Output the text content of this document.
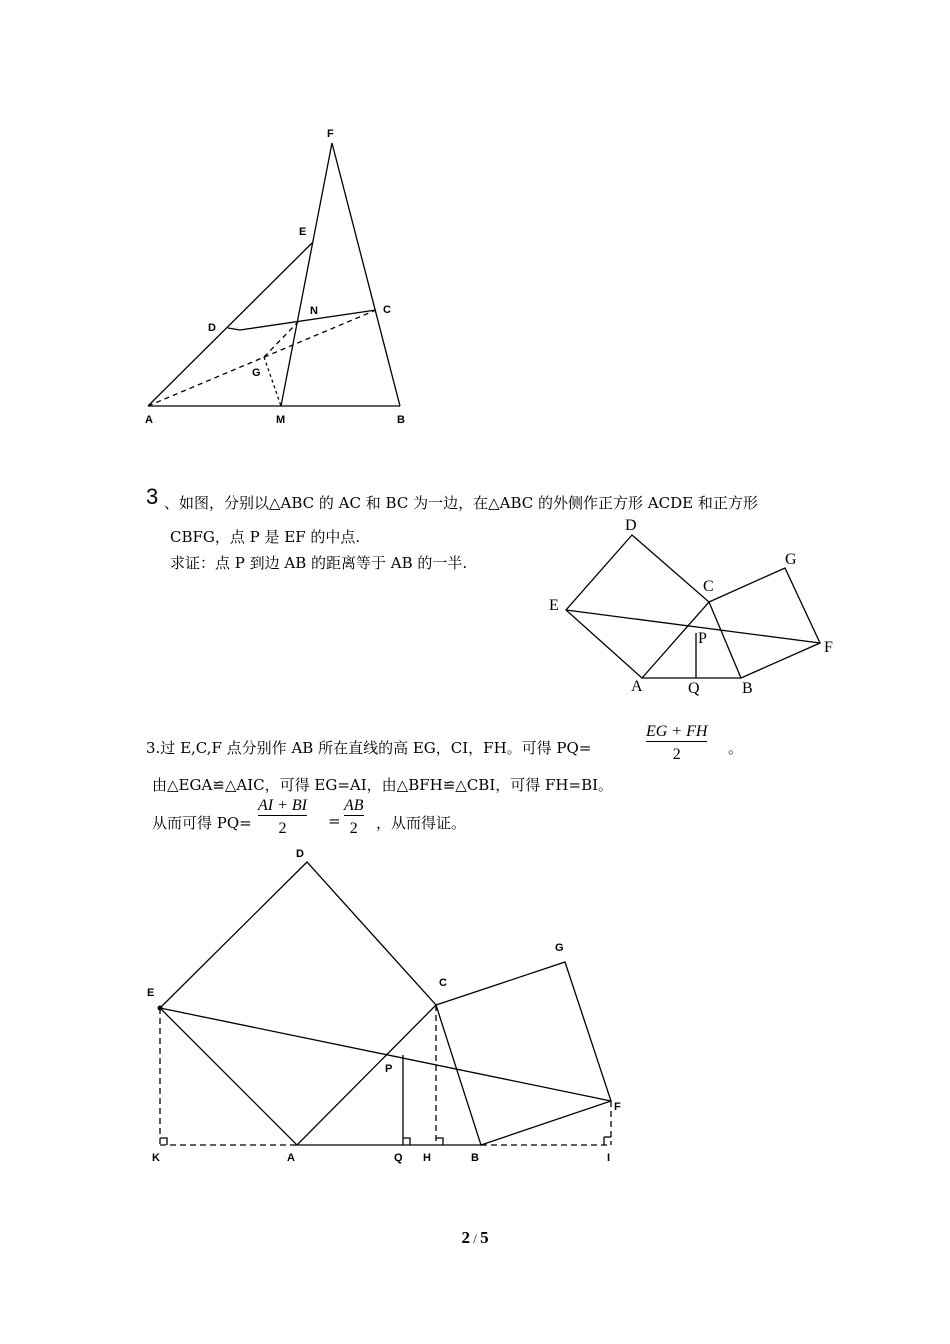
F
E
D
N	C
G
A	M	B
3 、如图，分别以△ABC 的 AC 和 BC 为一边，在△ABC 的外侧作正方形 ACDE 和正方形
CBFG，点 P 是 EF 的中点.
求证：点 P 到边 AB 的距离等于 AB 的一半.
D
G
C
E
P
F
A	Q	B
3.过 E,C,F 点分别作 AB 所在直线的高 EG，CI，FH。可得 PQ=
EG + FH
2	。
由△EGA≌△AIC，可得 EG=AI，由△BFH≌△CBI，可得 FH=BI。
从而可得 PQ=
AI + BI
2	=
AB
2 ，从而得证。
D
E
C
G
P
F
K	A	Q H	B	I
2 / 5
